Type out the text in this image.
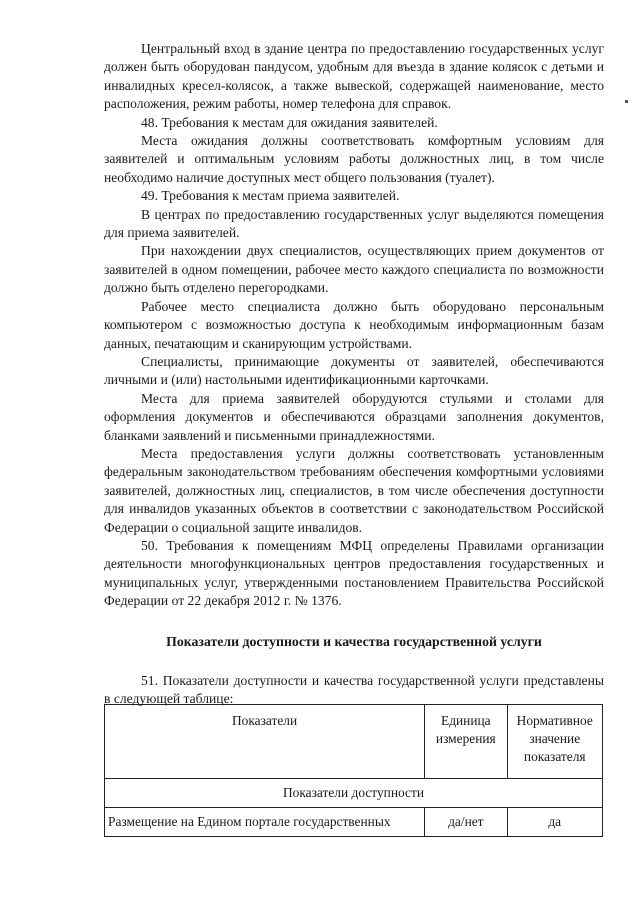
Центральный вход в здание центра по предоставлению государственных услуг должен быть оборудован пандусом, удобным для въезда в здание колясок с детьми и инвалидных кресел-колясок, а также вывеской, содержащей наименование, место расположения, режим работы, номер телефона для справок.

48. Требования к местам для ожидания заявителей.

Места ожидания должны соответствовать комфортным условиям для заявителей и оптимальным условиям работы должностных лиц, в том числе необходимо наличие доступных мест общего пользования (туалет).

49. Требования к местам приема заявителей.

В центрах по предоставлению государственных услуг выделяются помещения для приема заявителей.

При нахождении двух специалистов, осуществляющих прием документов от заявителей в одном помещении, рабочее место каждого специалиста по возможности должно быть отделено перегородками.

Рабочее место специалиста должно быть оборудовано персональным компьютером с возможностью доступа к необходимым информационным базам данных, печатающим и сканирующим устройствами.

Специалисты, принимающие документы от заявителей, обеспечиваются личными и (или) настольными идентификационными карточками.

Места для приема заявителей оборудуются стульями и столами для оформления документов и обеспечиваются образцами заполнения документов, бланками заявлений и письменными принадлежностями.

Места предоставления услуги должны соответствовать установленным федеральным законодательством требованиям обеспечения комфортными условиями заявителей, должностных лиц, специалистов, в том числе обеспечения доступности для инвалидов указанных объектов в соответствии с законодательством Российской Федерации о социальной защите инвалидов.

50. Требования к помещениям МФЦ определены Правилами организации деятельности многофункциональных центров предоставления государственных и муниципальных услуг, утвержденными постановлением Правительства Российской Федерации от 22 декабря 2012 г. № 1376.

Показатели доступности и качества государственной услуги

51. Показатели доступности и качества государственной услуги представлены в следующей таблице:

Показатели	Единица измерения	Нормативное значение показателя
Показатели доступности		
Размещение на Едином портале государственных	да/нет	да
